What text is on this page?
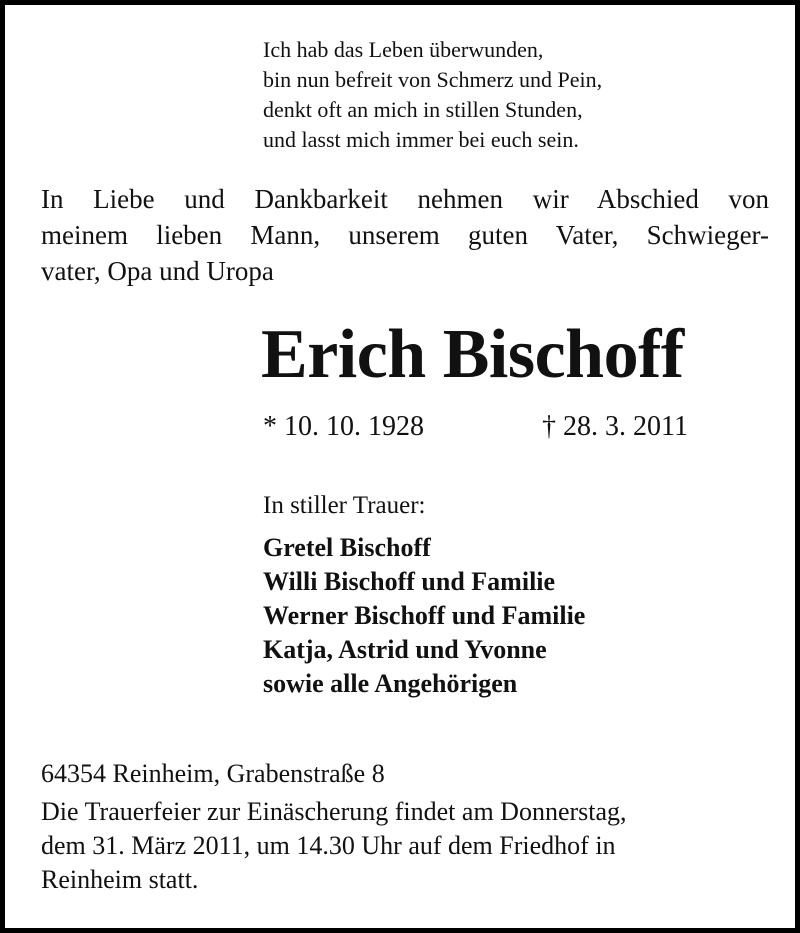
Ich hab das Leben überwunden,
bin nun befreit von Schmerz und Pein,
denkt oft an mich in stillen Stunden,
und lasst mich immer bei euch sein.
In Liebe und Dankbarkeit nehmen wir Abschied von
meinem lieben Mann, unserem guten Vater, Schwieger-
vater, Opa und Uropa
Erich Bischoff
* 10. 10. 1928	† 28. 3. 2011
In stiller Trauer:
Gretel Bischoff
Willi Bischoff und Familie
Werner Bischoff und Familie
Katja, Astrid und Yvonne
sowie alle Angehörigen
64354 Reinheim, Grabenstraße 8
Die Trauerfeier zur Einäscherung findet am Donnerstag,
dem 31. März 2011, um 14.30 Uhr auf dem Friedhof in
Reinheim statt.
